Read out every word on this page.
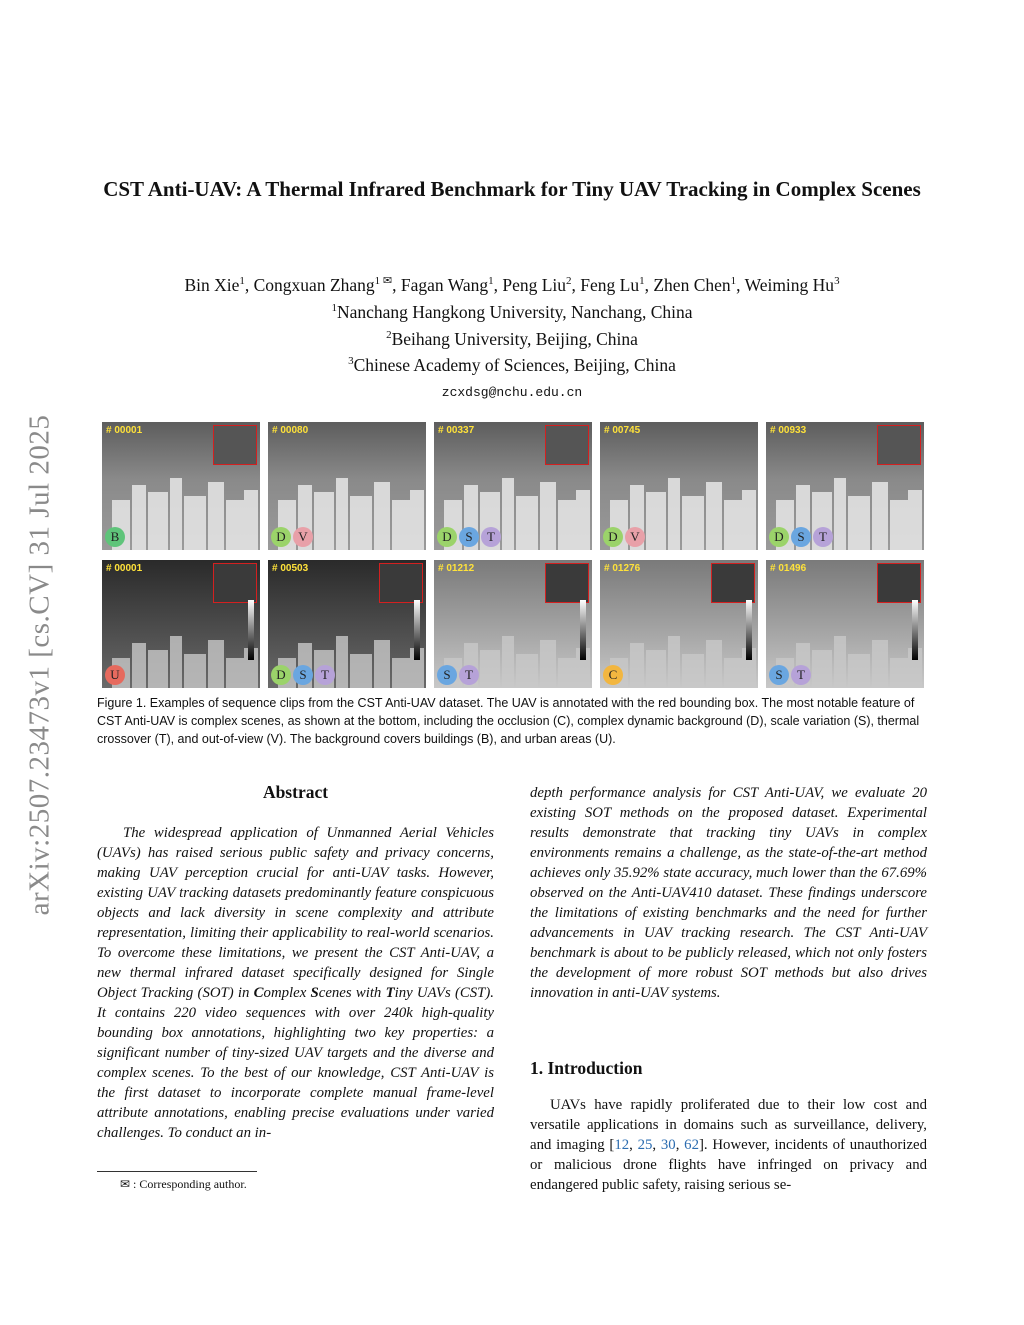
arXiv:2507.23473v1 [cs.CV] 31 Jul 2025
CST Anti-UAV: A Thermal Infrared Benchmark for Tiny UAV Tracking in Complex Scenes
Bin Xie$^1$, Congxuan Zhang$^{1 ✉}$, Fagan Wang$^1$, Peng Liu$^2$, Feng Lu$^1$, Zhen Chen$^1$, Weiming Hu$^3$
$^1$Nanchang Hangkong University, Nanchang, China
$^2$Beihang University, Beijing, China
$^3$Chinese Academy of Sciences, Beijing, China
zcxdsg@nchu.edu.cn
# 00001
B
# 00080
D V
# 00337
D	S	T
# 00745
D V
# 00933
D	S	T
# 00001
U
# 00503
D	S	T
# 01212
S	T
# 01276
C
# 01496
S	T
Figure 1. Examples of sequence clips from the CST Anti-UAV dataset. The UAV is annotated with the red bounding box. The most notable feature of CST Anti-UAV is complex scenes, as shown at the bottom, including the occlusion (C), complex dynamic background (D), scale variation (S), thermal crossover (T), and out-of-view (V). The background covers buildings (B), and urban areas (U).
Abstract
The widespread application of Unmanned Aerial Vehicles (UAVs) has raised serious public safety and privacy concerns, making UAV perception crucial for anti-UAV tasks. However, existing UAV tracking datasets predominantly feature conspicuous objects and lack diversity in scene complexity and attribute representation, limiting their applicability to real-world scenarios. To overcome these limitations, we present the CST Anti-UAV, a new thermal infrared dataset specifically designed for Single Object Tracking (SOT) in Complex Scenes with Tiny UAVs (CST). It contains 220 video sequences with over 240k high-quality bounding box annotations, highlighting two key properties: a significant number of tiny-sized UAV targets and the diverse and complex scenes. To the best of our knowledge, CST Anti-UAV is the first dataset to incorporate complete manual frame-level attribute annotations, enabling precise evaluations under varied challenges. To conduct an in-
depth performance analysis for CST Anti-UAV, we evaluate 20 existing SOT methods on the proposed dataset. Experimental results demonstrate that tracking tiny UAVs in complex environments remains a challenge, as the state-of-the-art method achieves only 35.92% state accuracy, much lower than the 67.69% observed on the Anti-UAV410 dataset. These findings underscore the limitations of existing benchmarks and the need for further advancements in UAV tracking research. The CST Anti-UAV benchmark is about to be publicly released, which not only fosters the development of more robust SOT methods but also drives innovation in anti-UAV systems.
1. Introduction
UAVs have rapidly proliferated due to their low cost and versatile applications in domains such as surveillance, delivery, and imaging [12, 25, 30, 62]. However, incidents of unauthorized or malicious drone flights have infringed on privacy and endangered public safety, raising serious se-
✉ : Corresponding author.
